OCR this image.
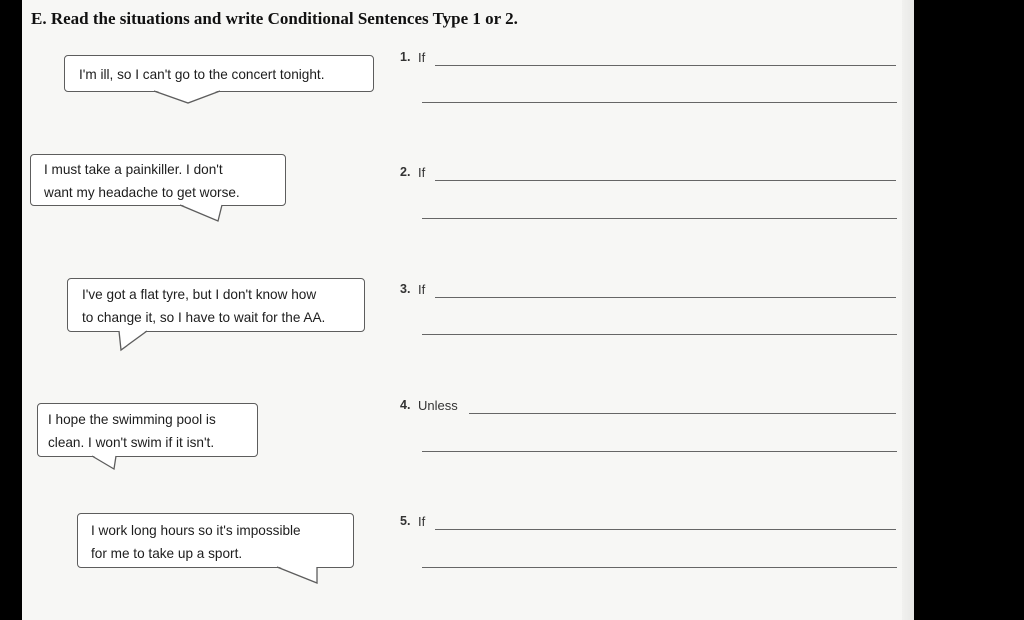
E. Read the situations and write Conditional Sentences Type 1 or 2.
I'm ill, so I can't go to the concert tonight.
I must take a painkiller. I don't
want my headache to get worse.
I've got a flat tyre, but I don't know how
to change it, so I have to wait for the AA.
I hope the swimming pool is
clean. I won't swim if it isn't.
I work long hours so it's impossible
for me to take up a sport.
1. If
2. If
3. If
4. Unless
5. If
